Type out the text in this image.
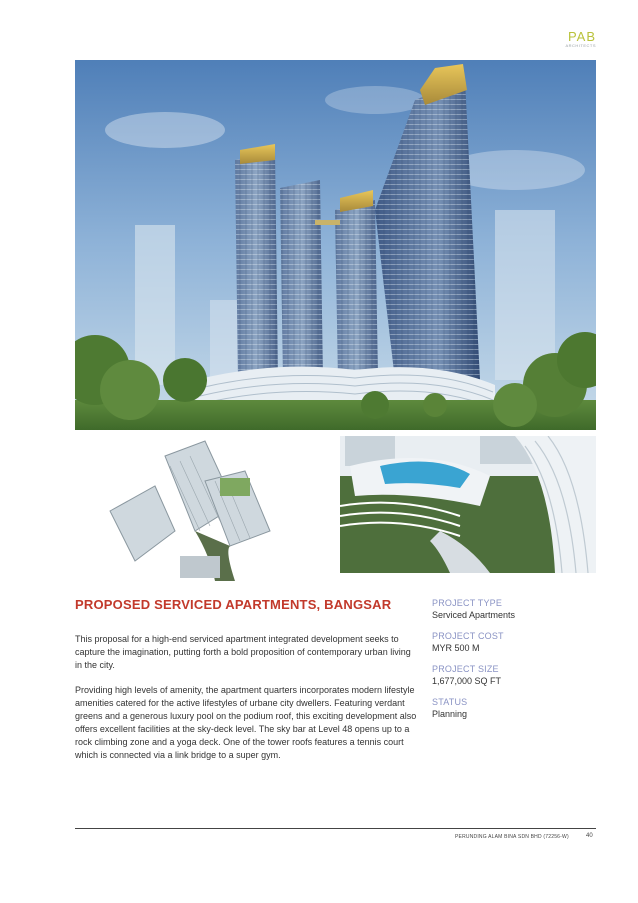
PAB
ARCHITECTS
PROPOSED SERVICED APARTMENTS, BANGSAR

This proposal for a high-end serviced apartment integrated development seeks to capture the imagination, putting forth a bold proposition of contemporary urban living in the city.

Providing high levels of amenity, the apartment quarters incorporates modern lifestyle amenities catered for the active lifestyles of urbane city dwellers. Featuring verdant greens and a generous luxury pool on the podium roof, this exciting development also offers excellent facilities at the sky-deck level. The sky bar at Level 48 opens up to a rock climbing zone and a yoga deck. One of the tower roofs features a tennis court which is connected via a link bridge to a super gym.

PROJECT TYPE
Serviced Apartments
PROJECT COST
MYR 500 M
PROJECT SIZE
1,677,000 SQ FT
STATUS
Planning
PERUNDING ALAM BINA SDN BHD (72256-W)	40
